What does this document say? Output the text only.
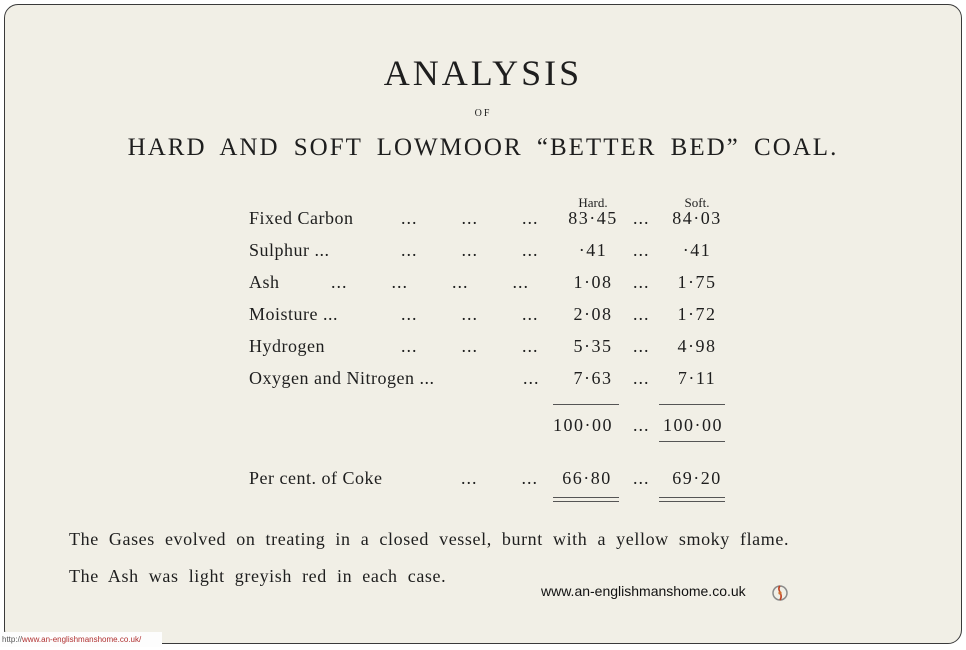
ANALYSIS
OF
HARD AND SOFT LOWMOOR “BETTER BED” COAL.
Hard.	Soft.
Fixed Carbon	...        ...        ...	83·45 ...	84·03
Sulphur ...	...        ...        ...	·41	...	·41
Ash	...        ...        ...        ...	1·08	...	1·75
Moisture ...	...        ...        ...	2·08	...	1·72
Hydrogen	...        ...        ...	5·35	...	4·98
Oxygen and Nitrogen ...	...	7·63	...	7·11
100·00	... 100·00
Per cent. of Coke	...        ...	66·80	...	69·20
The Gases evolved on treating in a closed vessel, burnt with a yellow smoky flame.
The Ash was light greyish red in each case.
www.an-englishmanshome.co.uk
http://www.an-englishmanshome.co.uk/
